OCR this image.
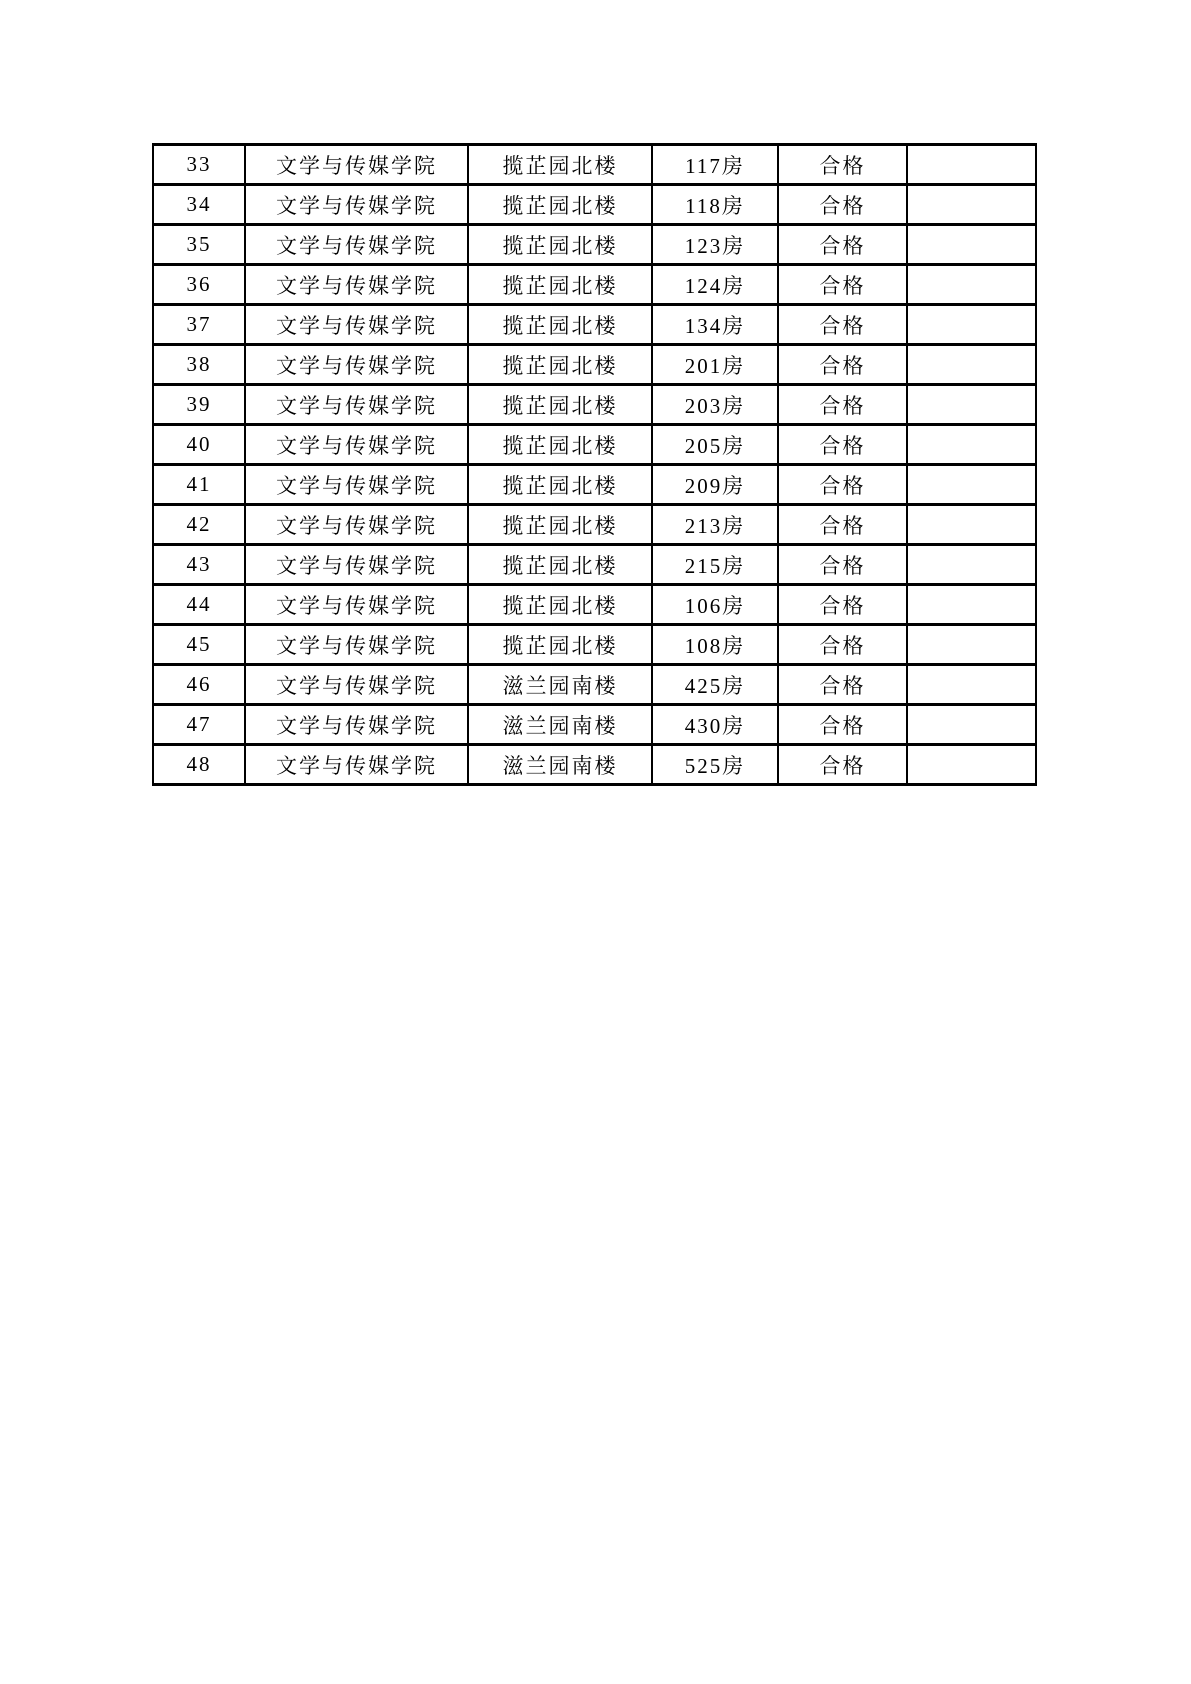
33	文学与传媒学院	揽芷园北楼	117房	合格	
34	文学与传媒学院	揽芷园北楼	118房	合格	
35	文学与传媒学院	揽芷园北楼	123房	合格	
36	文学与传媒学院	揽芷园北楼	124房	合格	
37	文学与传媒学院	揽芷园北楼	134房	合格	
38	文学与传媒学院	揽芷园北楼	201房	合格	
39	文学与传媒学院	揽芷园北楼	203房	合格	
40	文学与传媒学院	揽芷园北楼	205房	合格	
41	文学与传媒学院	揽芷园北楼	209房	合格	
42	文学与传媒学院	揽芷园北楼	213房	合格	
43	文学与传媒学院	揽芷园北楼	215房	合格	
44	文学与传媒学院	揽芷园北楼	106房	合格	
45	文学与传媒学院	揽芷园北楼	108房	合格	
46	文学与传媒学院	滋兰园南楼	425房	合格	
47	文学与传媒学院	滋兰园南楼	430房	合格	
48	文学与传媒学院	滋兰园南楼	525房	合格	
